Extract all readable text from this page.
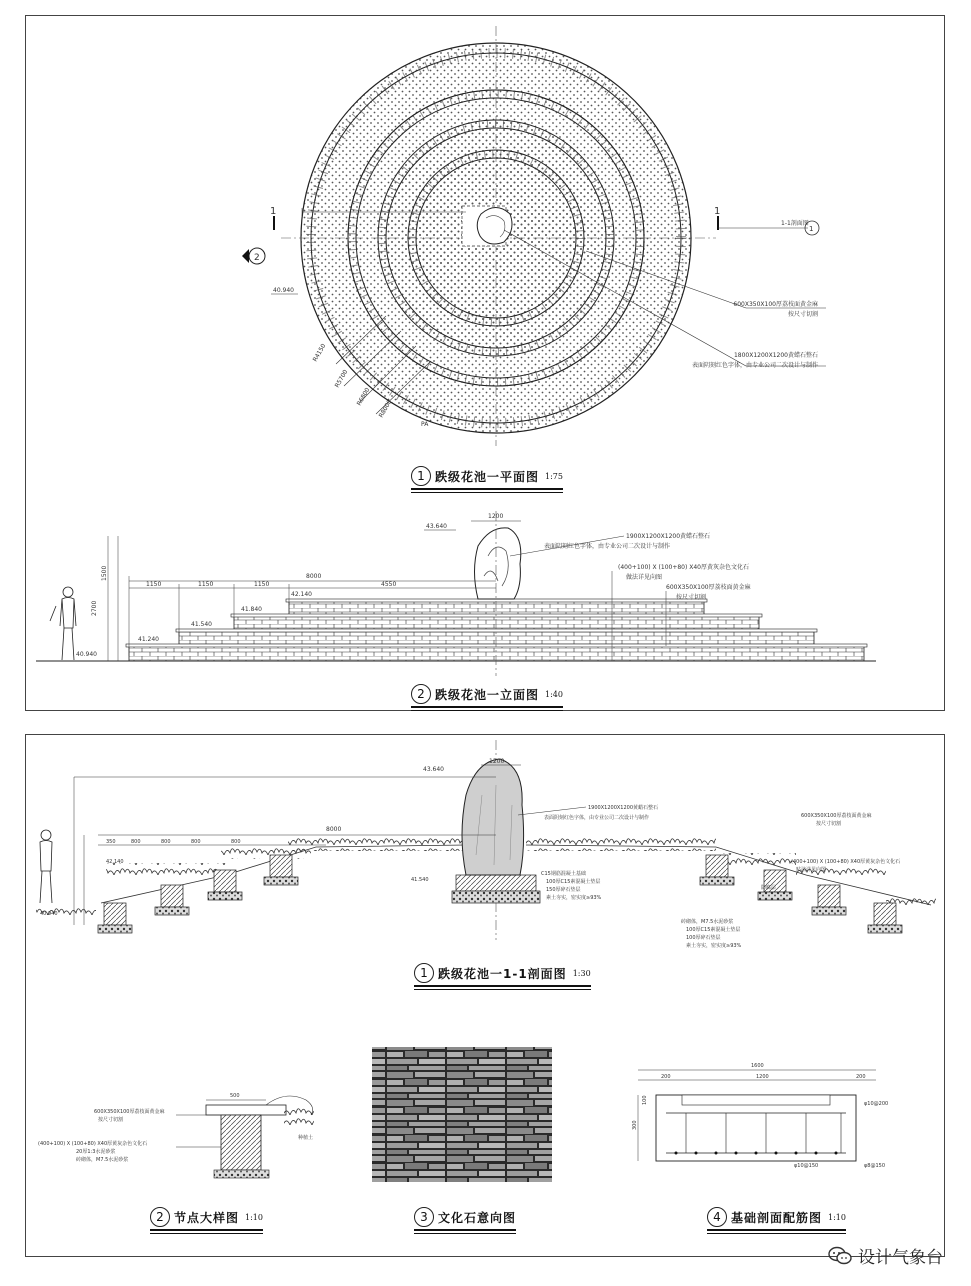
1	1
1-1剖面图
1
600X350X100厚荔枝面黄金麻
按尺寸切割
1800X1200X1200黄蜡石整石
表面阴刻红色字体，由专业公司二次设计与制作
2
40.940
R4150
R5700
R6800
R8000
PA
1150	1150	1150	4550
8000
1200
1500
2700
43.640
42.140
41.840
41.540
41.240
40.940
1900X1200X1200黄蜡石整石
表面阴刻红色字体，由专业公司二次设计与制作
(400+100) X (100+80) X40厚黄灰杂色文化石
做法详见向图
600X350X100厚荔枝面黄金麻
按尺寸切割
1 跌级花池一平面图 1:75
2 跌级花池一立面图 1:40
8000
1200
350	800	800	800	800
43.640
42.140
41.540
40.940
1900X1200X1200黄蜡石整石
表面阴刻红色字体，由专业公司二次设计与制作
C15钢筋混凝土基础
100厚C15素混凝土垫层
150厚碎石垫层
素土夯实，密实度≥93%
600X350X100厚荔枝面黄金麻
按尺寸切割
(400+100) X (100+80) X40厚黄灰杂色文化石
贴法详见向图
防腐层
砖砌体，M7.5水泥砂浆
100厚C15素混凝土垫层
100厚碎石垫层
素土夯实，密实度≥93%
500
600X350X100厚荔枝面黄金麻
按尺寸切割
(400+100) X (100+80) X40厚黄灰杂色文化石
20厚1:3水泥砂浆
砖砌体，M7.5水泥砂浆
种植土
1600
200	1200	200
300
100	φ10@200
φ10@150	φ8@150
1 跌级花池一1-1剖面图 1:30
2 节点大样图 1:10	3 文化石意向图	4 基础剖面配筋图 1:10
设计气象台
